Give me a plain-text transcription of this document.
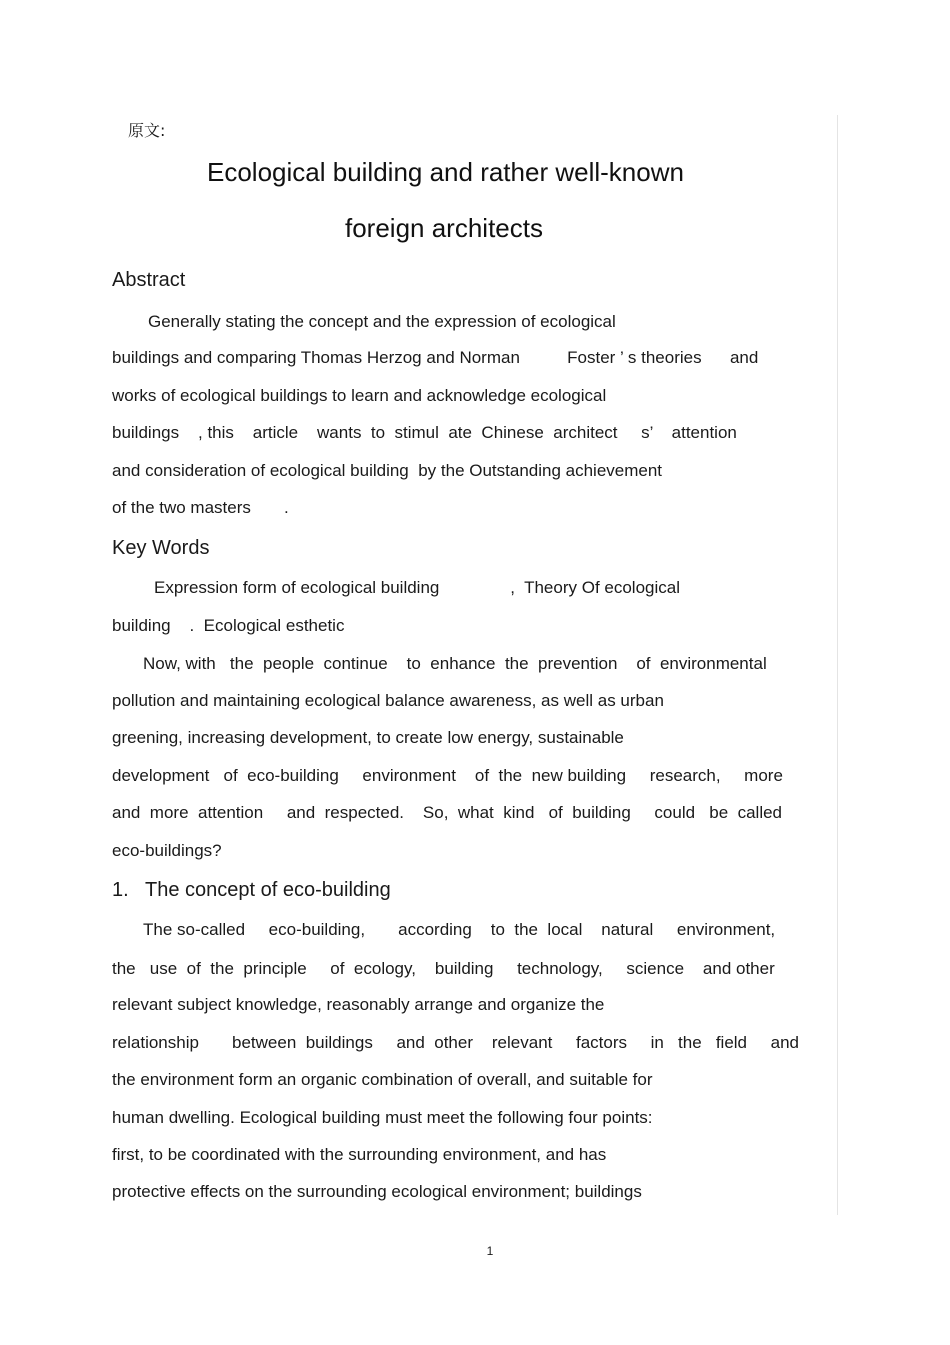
原文:
Ecological building and rather well-known
foreign architects
Abstract
Generally stating the concept and the expression of ecological
buildings and comparing Thomas Herzog and Norman          Foster ’ s theories      and
works of ecological buildings to learn and acknowledge ecological
buildings    , this    article    wants  to  stimul  ate  Chinese  architect     s’    attention
and consideration of ecological building  by the Outstanding achievement
of the two masters       .
Key Words
Expression form of ecological building               ,  Theory Of ecological
building    .  Ecological esthetic
Now, with   the  people  continue    to  enhance  the  prevention    of  environmental
pollution and maintaining ecological balance awareness, as well as urban
greening, increasing development, to create low energy, sustainable
development   of  eco-building     environment    of  the  new building     research,     more
and  more  attention     and  respected.    So,  what  kind   of  building     could   be  called
eco-buildings?
1.   The concept of eco-building
The so-called     eco-building,       according    to  the  local    natural     environment,
the   use  of  the  principle     of  ecology,    building     technology,     science    and other
relevant subject knowledge, reasonably arrange and organize the
relationship       between  buildings     and  other    relevant     factors     in   the   field     and
the environment form an organic combination of overall, and suitable for
human dwelling. Ecological building must meet the following four points:
first, to be coordinated with the surrounding environment, and has
protective effects on the surrounding ecological environment; buildings
1
